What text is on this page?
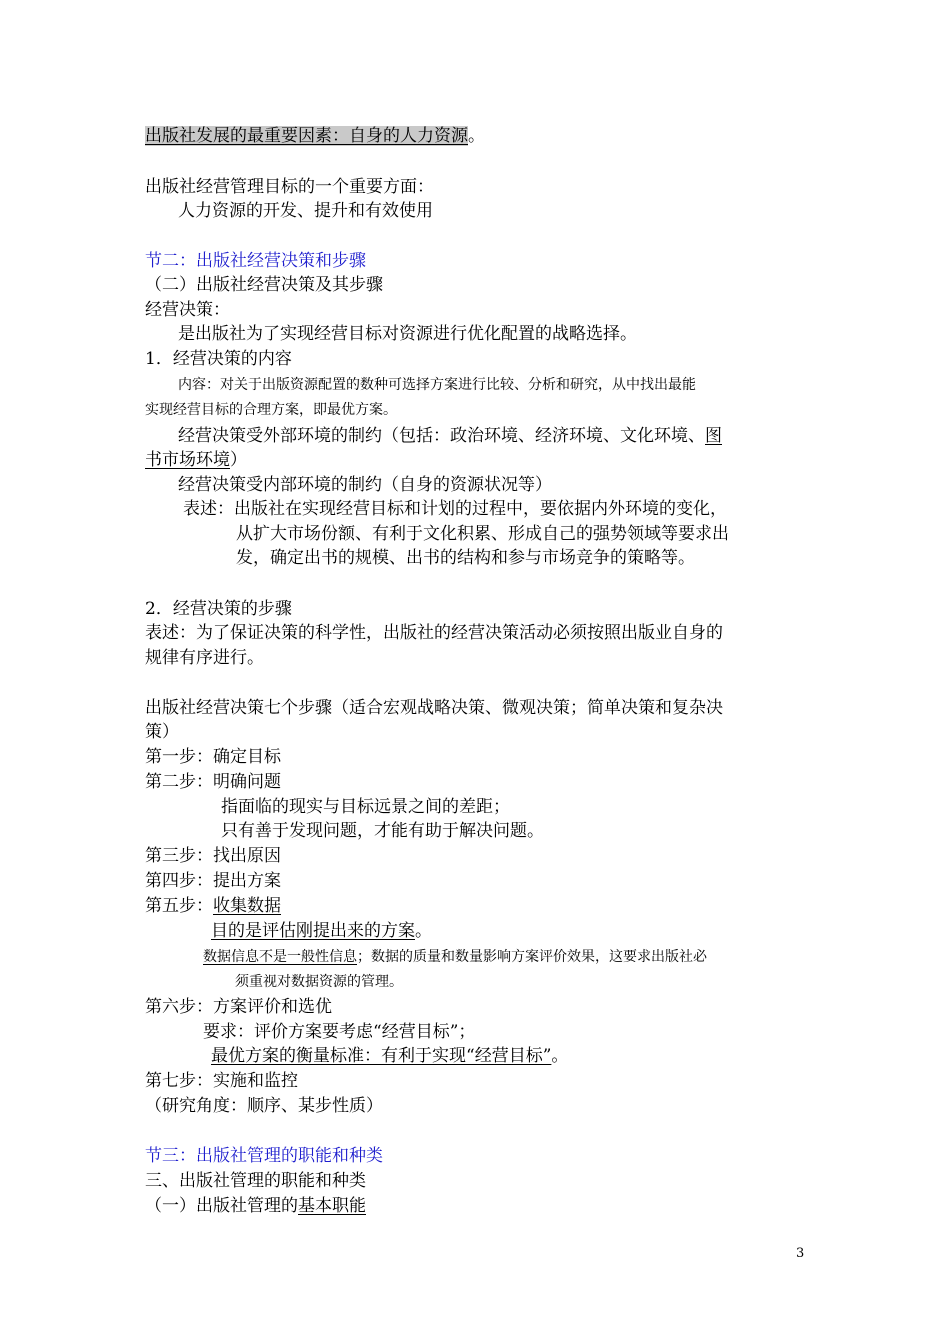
出版社发展的最重要因素：自身的人力资源。
出版社经营管理目标的一个重要方面：
人力资源的开发、提升和有效使用
节二：出版社经营决策和步骤
（二）出版社经营决策及其步骤
经营决策：
是出版社为了实现经营目标对资源进行优化配置的战略选择。
1．经营决策的内容
内容：对关于出版资源配置的数种可选择方案进行比较、分析和研究，从中找出最能
实现经营目标的合理方案，即最优方案。
经营决策受外部环境的制约（包括：政治环境、经济环境、文化环境、图
书市场环境）
经营决策受内部环境的制约（自身的资源状况等）
表述：出版社在实现经营目标和计划的过程中，要依据内外环境的变化，
从扩大市场份额、有利于文化积累、形成自己的强势领域等要求出
发，确定出书的规模、出书的结构和参与市场竞争的策略等。
2．经营决策的步骤
表述：为了保证决策的科学性，出版社的经营决策活动必须按照出版业自身的
规律有序进行。
出版社经营决策七个步骤（适合宏观战略决策、微观决策；简单决策和复杂决
策）
第一步：确定目标
第二步：明确问题
指面临的现实与目标远景之间的差距；
只有善于发现问题，才能有助于解决问题。
第三步：找出原因
第四步：提出方案
第五步：收集数据
目的是评估刚提出来的方案。
数据信息不是一般性信息；数据的质量和数量影响方案评价效果，这要求出版社必
须重视对数据资源的管理。
第六步：方案评价和选优
要求：评价方案要考虑“经营目标”；
最优方案的衡量标准：有利于实现“经营目标”。
第七步：实施和监控
（研究角度：顺序、某步性质）
节三：出版社管理的职能和种类
三、出版社管理的职能和种类
（一）出版社管理的基本职能
3
